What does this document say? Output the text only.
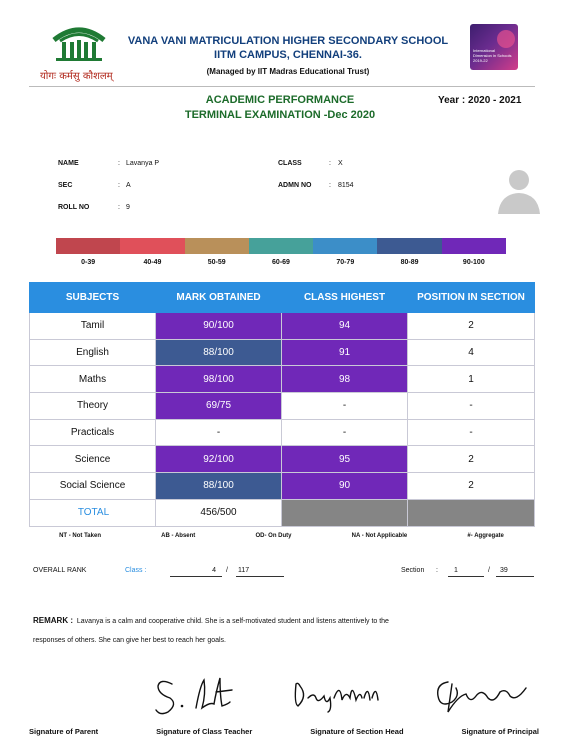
योगः कर्मसु कौशलम्
VANA VANI MATRICULATION HIGHER SECONDARY SCHOOL
IITM CAMPUS, CHENNAI-36.
(Managed by IIT Madras Educational Trust)
International Dimension in Schools 2019-22
ACADEMIC PERFORMANCE
TERMINAL EXAMINATION -Dec 2020
Year : 2020 - 2021
NAME	: Lavanya P
SEC	: A
ROLL NO	: 9
CLASS	: X
ADMN NO	: 8154
0-39	40-49	50-59	60-69	70-79	80-89	90-100
SUBJECTS	MARK OBTAINED	CLASS HIGHEST	POSITION IN SECTION
Tamil	90/100	94	2
English	88/100	91	4
Maths	98/100	98	1
Theory	69/75	-	-
Practicals	-	-	-
Science	92/100	95	2
Social Science	88/100	90	2
TOTAL	456/500		
NT - Not Taken	AB - Absent	OD- On Duty	NA - Not Applicable	#- Aggregate
OVERALL RANK	Class :	4	/ 117	Section :	1	/	39
REMARK : Lavanya is a calm and cooperative child. She is a self-motivated student and listens attentively to the
responses of others. She can give her best to reach her goals.
Signature of Parent	Signature of Class Teacher	Signature of Section Head	Signature of Principal
